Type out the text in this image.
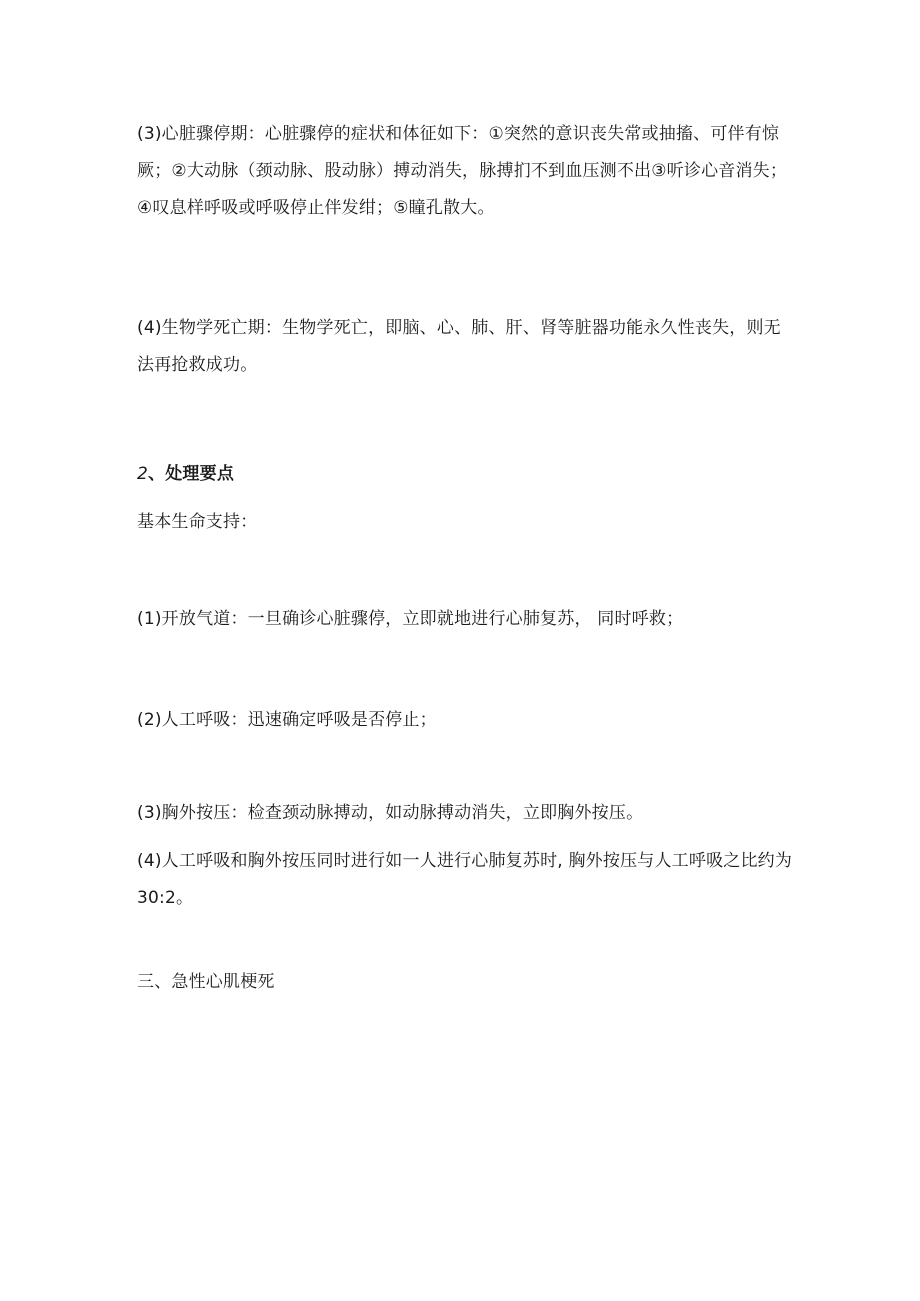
(3)心脏骤停期：心脏骤停的症状和体征如下：①突然的意识丧失常或抽搐、可伴有惊厥；②大动脉（颈动脉、股动脉）搏动消失，脉搏扪不到血压测不出③听诊心音消失；④叹息样呼吸或呼吸停止伴发绀；⑤瞳孔散大。

(4)生物学死亡期：生物学死亡，即脑、心、肺、肝、肾等脏器功能永久性丧失，则无法再抢救成功。

2、处理要点

基本生命支持：

(1)开放气道：一旦确诊心脏骤停，立即就地进行心肺复苏， 同时呼救；

(2)人工呼吸：迅速确定呼吸是否停止；

(3)胸外按压：检查颈动脉搏动，如动脉搏动消失，立即胸外按压。

(4)人工呼吸和胸外按压同时进行如一人进行心肺复苏时, 胸外按压与人工呼吸之比约为 30:2。

三、急性心肌梗死
